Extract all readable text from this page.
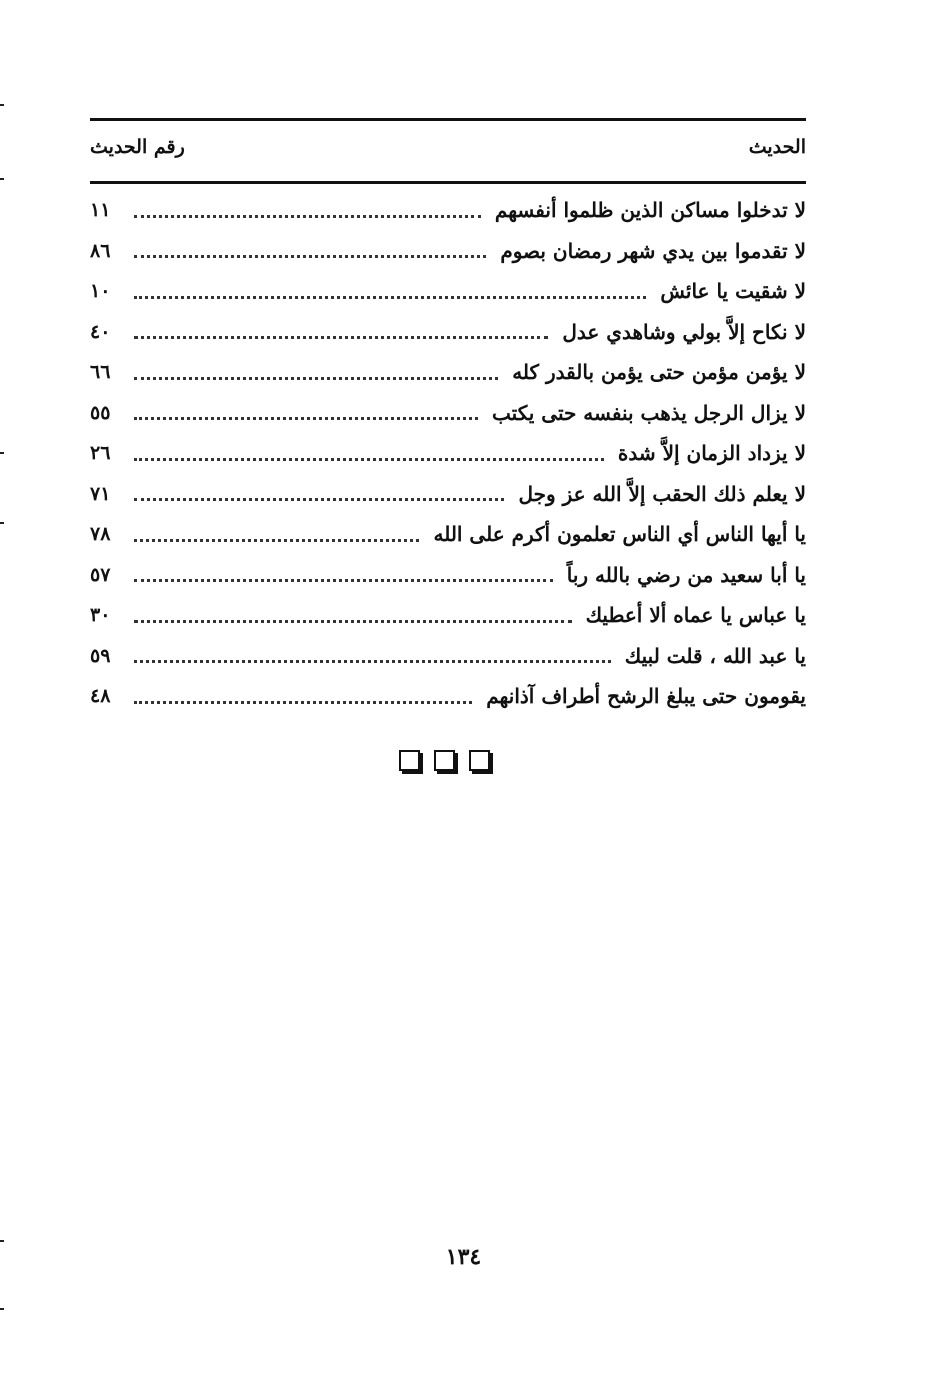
الحديث
رقم الحديث
لا تدخلوا مساكن الذين ظلموا أنفسهم
١١
لا تقدموا بين يدي شهر رمضان بصوم
٨٦
لا شقيت يا عائش
١٠
لا نكاح إلاَّ بولي وشاهدي عدل
٤٠
لا يؤمن مؤمن حتى يؤمن بالقدر كله
٦٦
لا يزال الرجل يذهب بنفسه حتى يكتب
٥٥
لا يزداد الزمان إلاَّ شدة
٢٦
لا يعلم ذلك الحقب إلاَّ الله عز وجل
٧١
يا أيها الناس أي الناس تعلمون أكرم على الله
٧٨
يا أبا سعيد من رضي بالله رباً
٥٧
يا عباس يا عماه ألا أعطيك
٣٠
يا عبد الله ، قلت لبيك
٥٩
يقومون حتى يبلغ الرشح أطراف آذانهم
٤٨
١٣٤
